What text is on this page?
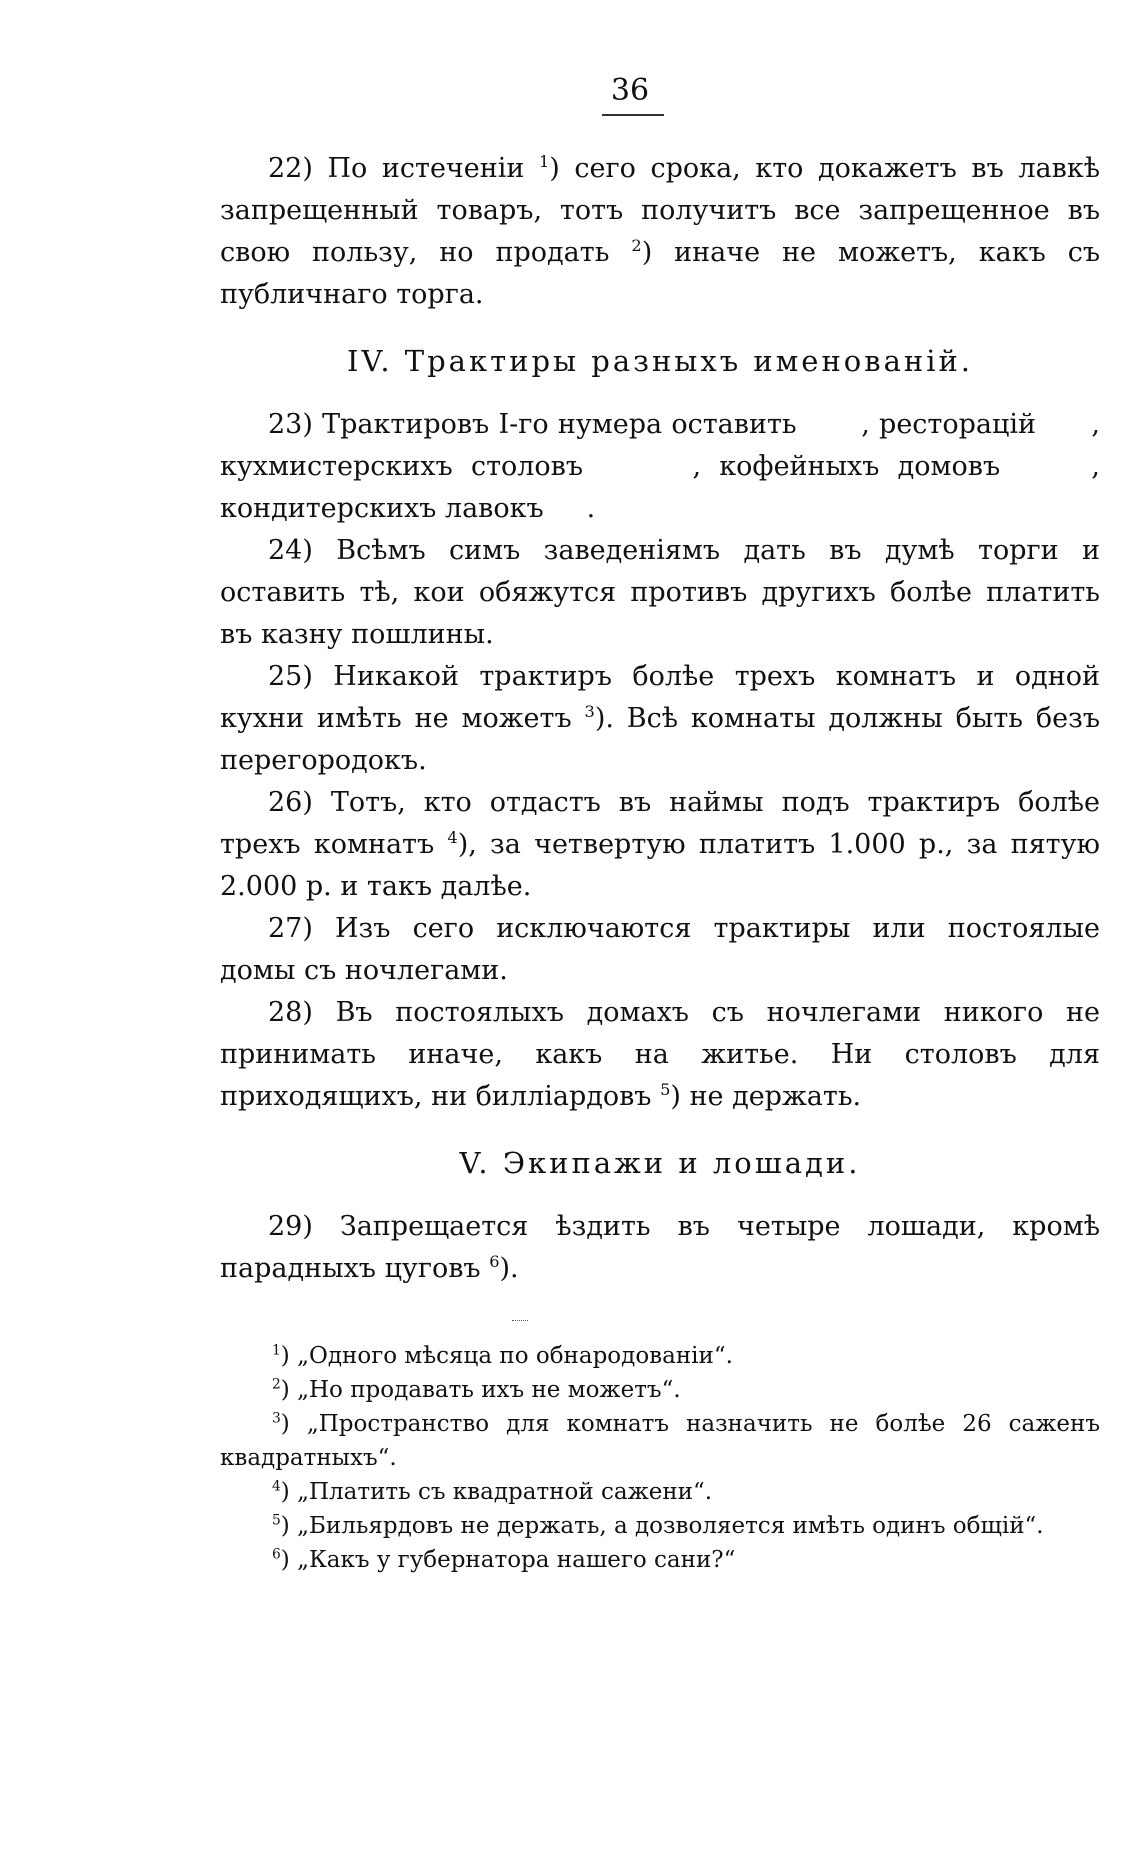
36

22) По истеченіи $^1$) сего срока, кто докажетъ въ лавкѣ запрещенный товаръ, тотъ получитъ все запрещенное въ свою пользу, но продать $^2$) иначе не можетъ, какъ съ публичнаго торга.

IV. Трактиры разныхъ именованій.

23) Трактировъ І-го нумера оставить , ресторацій , кухмистерскихъ столовъ	, кофейныхъ домовъ	, кондитерскихъ лавокъ .

24) Всѣмъ симъ заведеніямъ дать въ думѣ торги и оставить тѣ, кои обяжутся противъ другихъ болѣе платить въ казну пошлины.

25) Никакой трактиръ болѣе трехъ комнатъ и одной кухни имѣть не можетъ $^3$). Всѣ комнаты должны быть безъ перегородокъ.

26) Тотъ, кто отдастъ въ наймы подъ трактиръ болѣе трехъ комнатъ $^4$), за четвертую платитъ 1.000 р., за пятую 2.000 р. и такъ далѣе.

27) Изъ сего исключаются трактиры или постоялые домы съ ночлегами.

28) Въ постоялыхъ домахъ съ ночлегами никого не принимать иначе, какъ на житье. Ни столовъ для приходящихъ, ни билліардовъ $^5$) не держать.

V. Экипажи и лошади.

29) Запрещается ѣздить въ четыре лошади, кромѣ парадныхъ цуговъ $^6$).

$^1$) „Одного мѣсяца по обнародованіи“.

$^2$) „Но продавать ихъ не можетъ“.

$^3$) „Пространство для комнатъ назначить не болѣе 26 саженъ квадратныхъ“.

$^4$) „Платить съ квадратной сажени“.

$^5$) „Бильярдовъ не держать, а дозволяется имѣть одинъ общій“.

$^6$) „Какъ у губернатора нашего сани?“
